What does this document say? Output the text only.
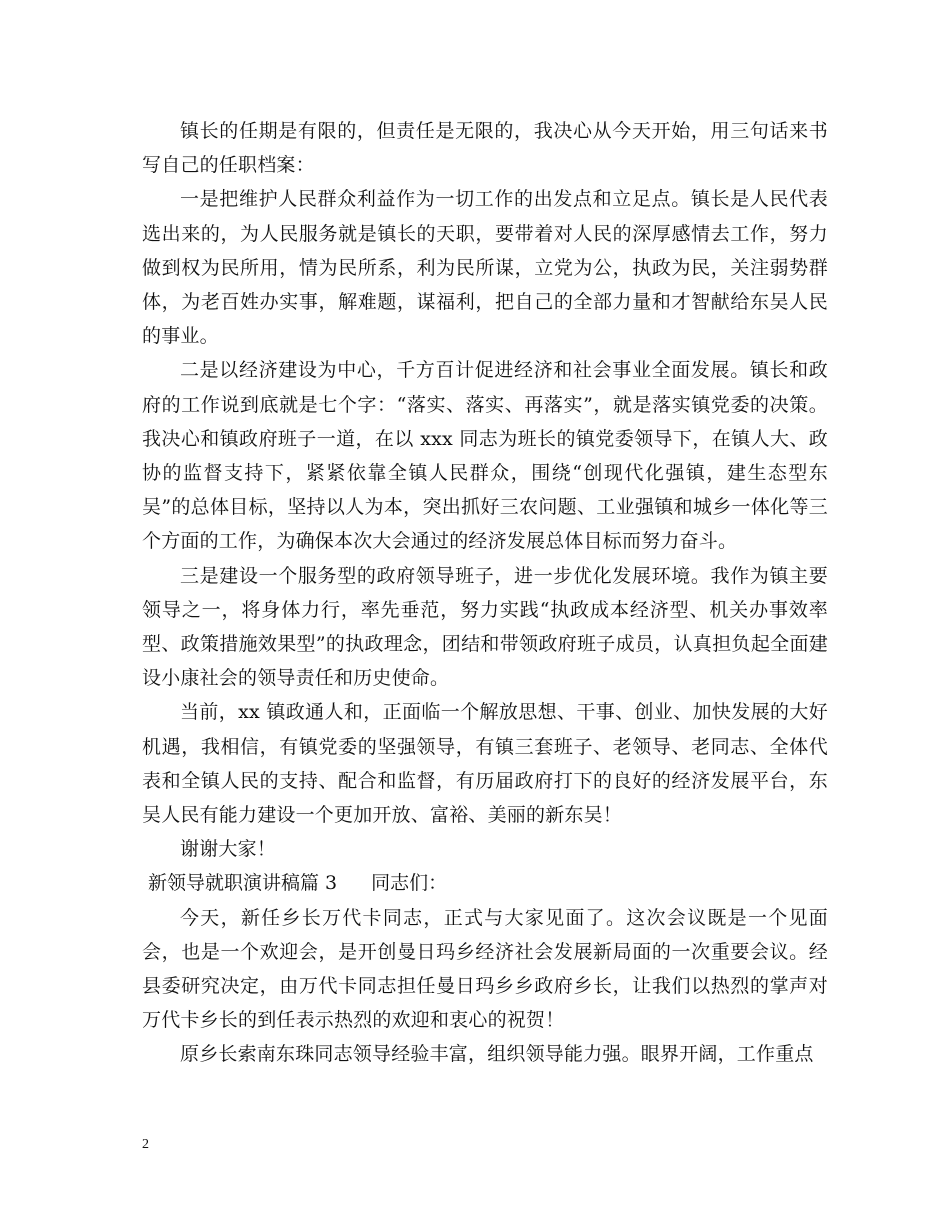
镇长的任期是有限的，但责任是无限的，我决心从今天开始，用三句话来书写自己的任职档案：

一是把维护人民群众利益作为一切工作的出发点和立足点。镇长是人民代表选出来的，为人民服务就是镇长的天职，要带着对人民的深厚感情去工作，努力做到权为民所用，情为民所系，利为民所谋，立党为公，执政为民，关注弱势群体，为老百姓办实事，解难题，谋福利，把自己的全部力量和才智献给东吴人民的事业。

二是以经济建设为中心，千方百计促进经济和社会事业全面发展。镇长和政府的工作说到底就是七个字：“落实、落实、再落实”，就是落实镇党委的决策。我决心和镇政府班子一道，在以 xxx 同志为班长的镇党委领导下，在镇人大、政协的监督支持下，紧紧依靠全镇人民群众，围绕“创现代化强镇，建生态型东吴”的总体目标，坚持以人为本，突出抓好三农问题、工业强镇和城乡一体化等三个方面的工作，为确保本次大会通过的经济发展总体目标而努力奋斗。

三是建设一个服务型的政府领导班子，进一步优化发展环境。我作为镇主要领导之一，将身体力行，率先垂范，努力实践“执政成本经济型、机关办事效率型、政策措施效果型”的执政理念，团结和带领政府班子成员，认真担负起全面建设小康社会的领导责任和历史使命。

当前，xx 镇政通人和，正面临一个解放思想、干事、创业、加快发展的大好机遇，我相信，有镇党委的坚强领导，有镇三套班子、老领导、老同志、全体代表和全镇人民的支持、配合和监督，有历届政府打下的良好的经济发展平台，东吴人民有能力建设一个更加开放、富裕、美丽的新东吴！

谢谢大家！

新领导就职演讲稿篇 3 同志们：

今天，新任乡长万代卡同志，正式与大家见面了。这次会议既是一个见面会，也是一个欢迎会，是开创曼日玛乡经济社会发展新局面的一次重要会议。经县委研究决定，由万代卡同志担任曼日玛乡乡政府乡长，让我们以热烈的掌声对万代卡乡长的到任表示热烈的欢迎和衷心的祝贺！

原乡长索南东珠同志领导经验丰富，组织领导能力强。眼界开阔，工作重点

2
